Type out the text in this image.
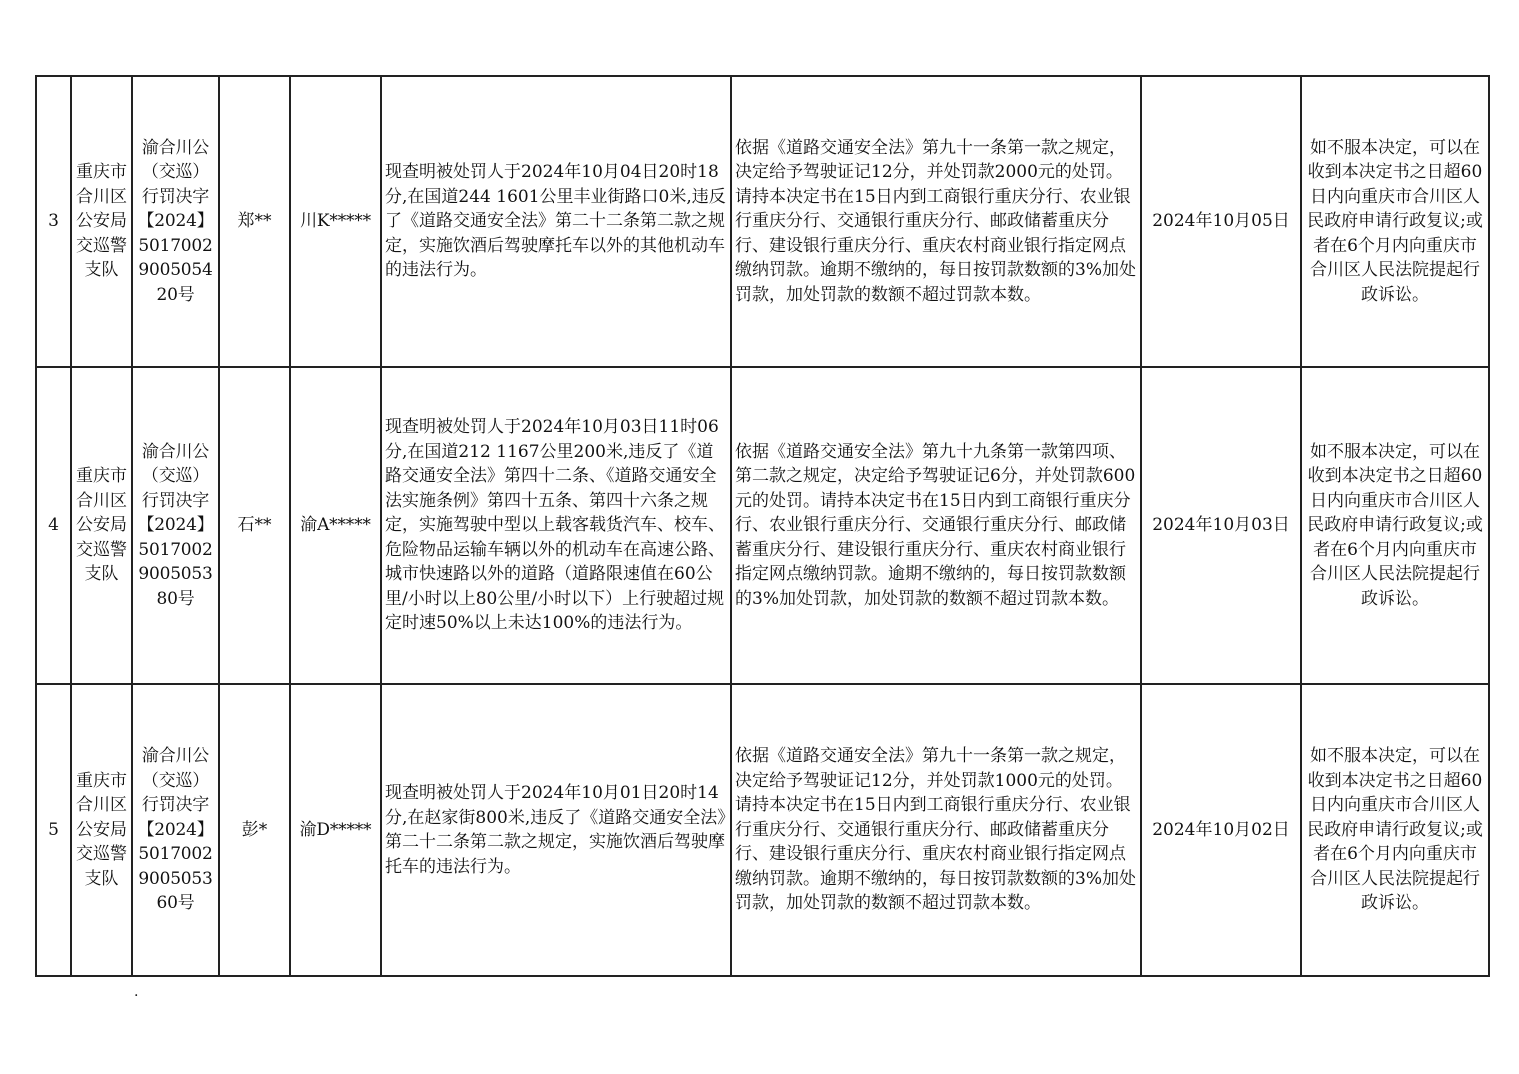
3	重庆市合川区公安局交巡警支队	渝合川公（交巡）行罚决字【2024】5017002900505420号	郑**	川K*****	现查明被处罚人于2024年10月04日20时18分,在国道244 1601公里丰业街路口0米,违反了《道路交通安全法》第二十二条第二款之规定，实施饮酒后驾驶摩托车以外的其他机动车的违法行为。	依据《道路交通安全法》第九十一条第一款之规定，决定给予驾驶证记12分，并处罚款2000元的处罚。请持本决定书在15日内到工商银行重庆分行、农业银行重庆分行、交通银行重庆分行、邮政储蓄重庆分行、建设银行重庆分行、重庆农村商业银行指定网点缴纳罚款。逾期不缴纳的，每日按罚款数额的3%加处罚款，加处罚款的数额不超过罚款本数。	2024年10月05日	如不服本决定，可以在收到本决定书之日超60日内向重庆市合川区人民政府申请行政复议;或者在6个月内向重庆市合川区人民法院提起行政诉讼。
4	重庆市合川区公安局交巡警支队	渝合川公（交巡）行罚决字【2024】5017002900505380号	石**	渝A*****	现查明被处罚人于2024年10月03日11时06分,在国道212 1167公里200米,违反了《道路交通安全法》第四十二条、《道路交通安全法实施条例》第四十五条、第四十六条之规定，实施驾驶中型以上载客载货汽车、校车、危险物品运输车辆以外的机动车在高速公路、城市快速路以外的道路（道路限速值在60公里/小时以上80公里/小时以下）上行驶超过规定时速50%以上未达100%的违法行为。	依据《道路交通安全法》第九十九条第一款第四项、第二款之规定，决定给予驾驶证记6分，并处罚款600元的处罚。请持本决定书在15日内到工商银行重庆分行、农业银行重庆分行、交通银行重庆分行、邮政储蓄重庆分行、建设银行重庆分行、重庆农村商业银行指定网点缴纳罚款。逾期不缴纳的，每日按罚款数额的3%加处罚款，加处罚款的数额不超过罚款本数。	2024年10月03日	如不服本决定，可以在收到本决定书之日超60日内向重庆市合川区人民政府申请行政复议;或者在6个月内向重庆市合川区人民法院提起行政诉讼。
5	重庆市合川区公安局交巡警支队	渝合川公（交巡）行罚决字【2024】5017002900505360号	彭*	渝D*****	现查明被处罚人于2024年10月01日20时14分,在赵家街800米,违反了《道路交通安全法》第二十二条第二款之规定，实施饮酒后驾驶摩托车的违法行为。	依据《道路交通安全法》第九十一条第一款之规定，决定给予驾驶证记12分，并处罚款1000元的处罚。请持本决定书在15日内到工商银行重庆分行、农业银行重庆分行、交通银行重庆分行、邮政储蓄重庆分行、建设银行重庆分行、重庆农村商业银行指定网点缴纳罚款。逾期不缴纳的，每日按罚款数额的3%加处罚款，加处罚款的数额不超过罚款本数。	2024年10月02日	如不服本决定，可以在收到本决定书之日超60日内向重庆市合川区人民政府申请行政复议;或者在6个月内向重庆市合川区人民法院提起行政诉讼。
.
